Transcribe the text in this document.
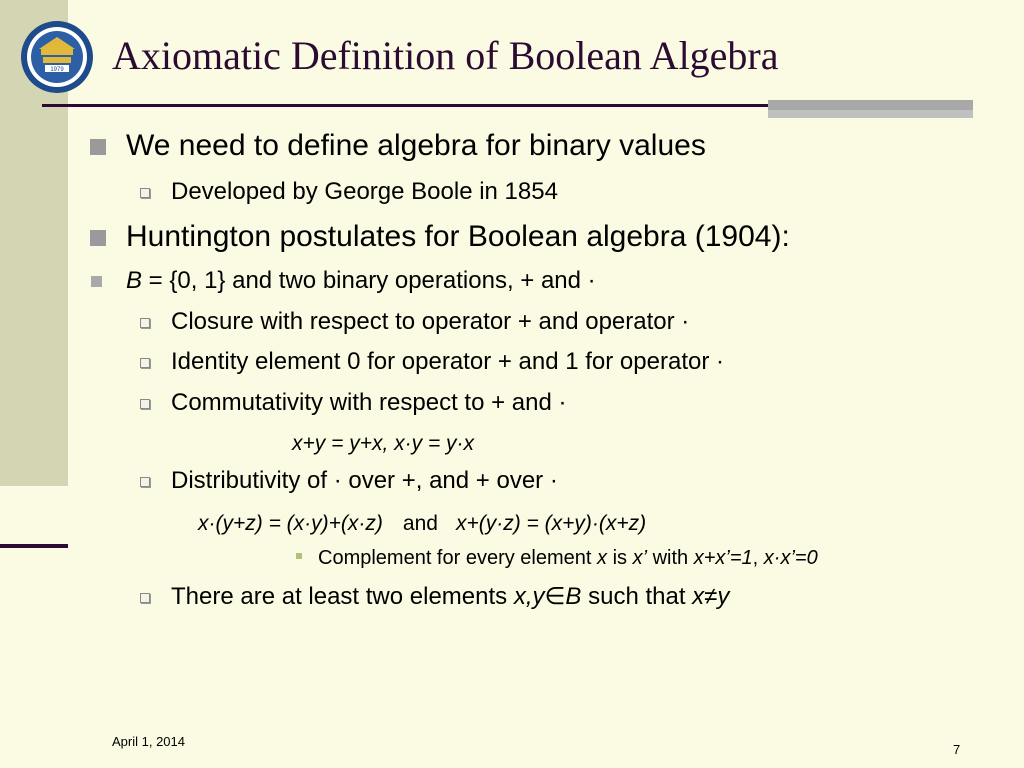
1979 Axiomatic Definition of Boolean Algebra
We need to define algebra for binary values
Developed by George Boole in 1854
Huntington postulates for Boolean algebra (1904):
B = {0, 1} and two binary operations, + and ·
Closure with respect to operator + and operator ·
Identity element 0 for operator + and 1 for operator ·
Commutativity with respect to + and ·
x+y = y+x, x·y = y·x
Distributivity of · over +, and + over ·
x·(y+z) = (x·y)+(x·z) and x+(y·z) = (x+y)·(x+z)
Complement for every element x is x’ with x+x’=1, x·x’=0
There are at least two elements x,y∈B such that x≠y
April 1, 2014
7
